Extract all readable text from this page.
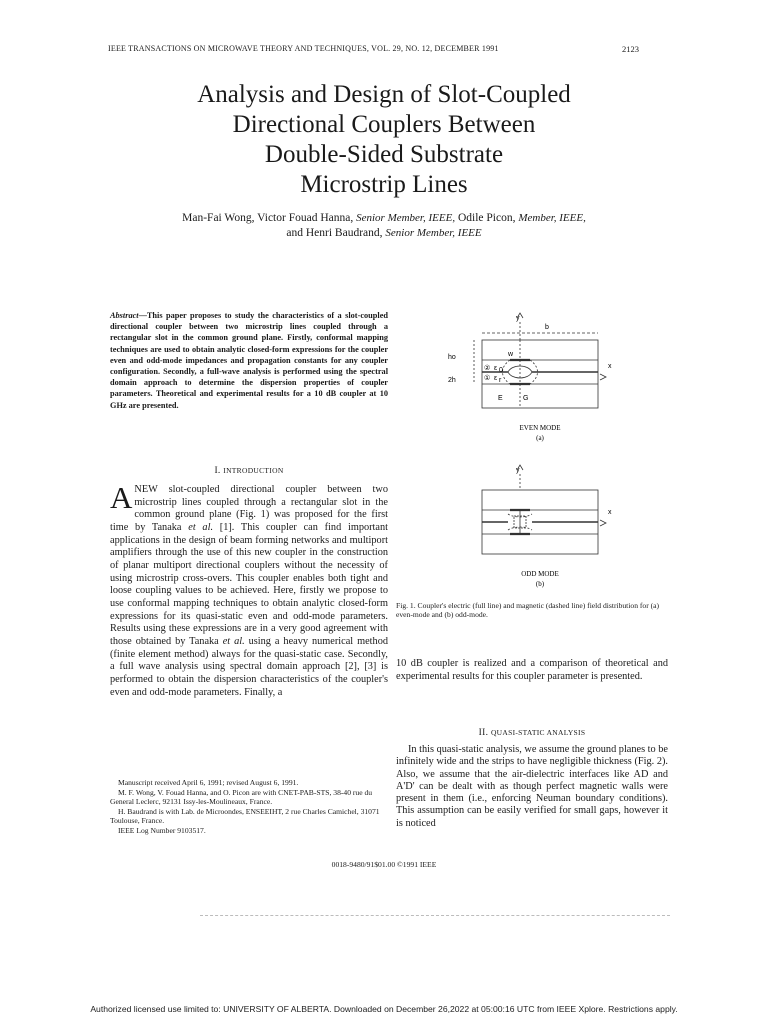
IEEE TRANSACTIONS ON MICROWAVE THEORY AND TECHNIQUES, VOL. 29, NO. 12, DECEMBER 1991	2123
Analysis and Design of Slot-Coupled
Directional Couplers Between
Double-Sided Substrate
Microstrip Lines
Man-Fai Wong, Victor Fouad Hanna, Senior Member, IEEE, Odile Picon, Member, IEEE,
and Henri Baudrand, Senior Member, IEEE
Abstract—This paper proposes to study the characteristics of a slot-coupled directional coupler between two microstrip lines coupled through a rectangular slot in the common ground plane. Firstly, conformal mapping techniques are used to obtain analytic closed-form expressions for the coupler even and odd-mode impedances and propagation constants for any coupler configuration. Secondly, a full-wave analysis is performed using the spectral domain approach to determine the dispersion properties of coupler parameters. Theoretical and experimental results for a 10 dB coupler at 10 GHz are presented.
I. INTRODUCTION
ANEW slot-coupled directional coupler between two microstrip lines coupled through a rectangular slot in the common ground plane (Fig. 1) was proposed for the first time by Tanaka et al. [1]. This coupler can find important applications in the design of beam forming networks and multiport amplifiers through the use of this new coupler in the construction of planar multiport directional couplers without the necessity of using microstrip cross-overs. This coupler enables both tight and loose coupling values to be achieved. Here, firstly we propose to use conformal mapping techniques to obtain analytic closed-form expressions for its quasi-static even and odd-mode parameters. Results using these expressions are in a very good agreement with those obtained by Tanaka et al. using a heavy numerical method (finite element method) always for the quasi-static case. Secondly, a full wave analysis using spectral domain approach [2], [3] is performed to obtain the dispersion characteristics of the coupler's even and odd-mode parameters. Finally, a

Manuscript received April 6, 1991; revised August 6, 1991.

M. F. Wong, V. Fouad Hanna, and O. Picon are with CNET-PAB-STS, 38-40 rue du General Leclerc, 92131 Issy-les-Moulineaux, France.

H. Baudrand is with Lab. de Microondes, ENSEEIHT, 2 rue Charles Camichel, 31071 Toulouse, France.

IEEE Log Number 9103517.

0018-9480/91$01.00 ©1991 IEEE
y
b
w
ho
2h
② ε 0
① ε r
x
E	G
EVEN MODE
(a)
y
x
ODD MODE
(b)
Fig. 1. Coupler's electric (full line) and magnetic (dashed line) field distribution for (a) even-mode and (b) odd-mode.
10 dB coupler is realized and a comparison of theoretical and experimental results for this coupler parameter is presented.
II. QUASI-STATIC ANALYSIS
In this quasi-static analysis, we assume the ground planes to be infinitely wide and the strips to have negligible thickness (Fig. 2). Also, we assume that the air-dielectric interfaces like AD and A'D' can be dealt with as though perfect magnetic walls were present in them (i.e., enforcing Neuman boundary conditions). This assumption can be easily verified for small gaps, however it is noticed
Authorized licensed use limited to: UNIVERSITY OF ALBERTA. Downloaded on December 26,2022 at 05:00:16 UTC from IEEE Xplore. Restrictions apply.
